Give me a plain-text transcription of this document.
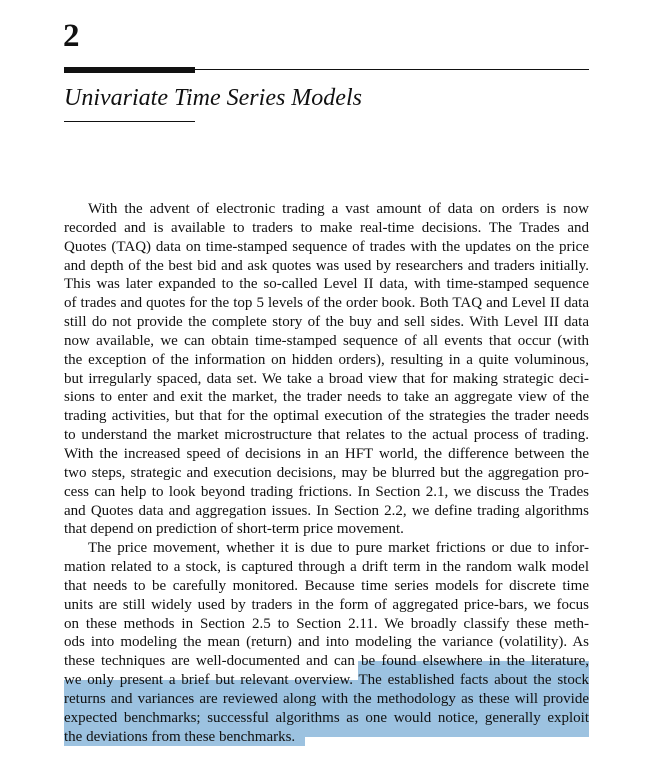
2
Univariate Time Series Models
With the advent of electronic trading a vast amount of data on orders is now
recorded and is available to traders to make real-time decisions. The Trades and
Quotes (TAQ) data on time-stamped sequence of trades with the updates on the price
and depth of the best bid and ask quotes was used by researchers and traders initially.
This was later expanded to the so-called Level II data, with time-stamped sequence
of trades and quotes for the top 5 levels of the order book. Both TAQ and Level II data
still do not provide the complete story of the buy and sell sides. With Level III data
now available, we can obtain time-stamped sequence of all events that occur (with
the exception of the information on hidden orders), resulting in a quite voluminous,
but irregularly spaced, data set. We take a broad view that for making strategic deci-
sions to enter and exit the market, the trader needs to take an aggregate view of the
trading activities, but that for the optimal execution of the strategies the trader needs
to understand the market microstructure that relates to the actual process of trading.
With the increased speed of decisions in an HFT world, the difference between the
two steps, strategic and execution decisions, may be blurred but the aggregation pro-
cess can help to look beyond trading frictions. In Section 2.1, we discuss the Trades
and Quotes data and aggregation issues. In Section 2.2, we define trading algorithms
that depend on prediction of short-term price movement.
The price movement, whether it is due to pure market frictions or due to infor-
mation related to a stock, is captured through a drift term in the random walk model
that needs to be carefully monitored. Because time series models for discrete time
units are still widely used by traders in the form of aggregated price-bars, we focus
on these methods in Section 2.5 to Section 2.11. We broadly classify these meth-
ods into modeling the mean (return) and into modeling the variance (volatility). As
these techniques are well-documented and can be found elsewhere in the literature,
we only present a brief but relevant overview. The established facts about the stock
returns and variances are reviewed along with the methodology as these will provide
expected benchmarks; successful algorithms as one would notice, generally exploit
the deviations from these benchmarks.
